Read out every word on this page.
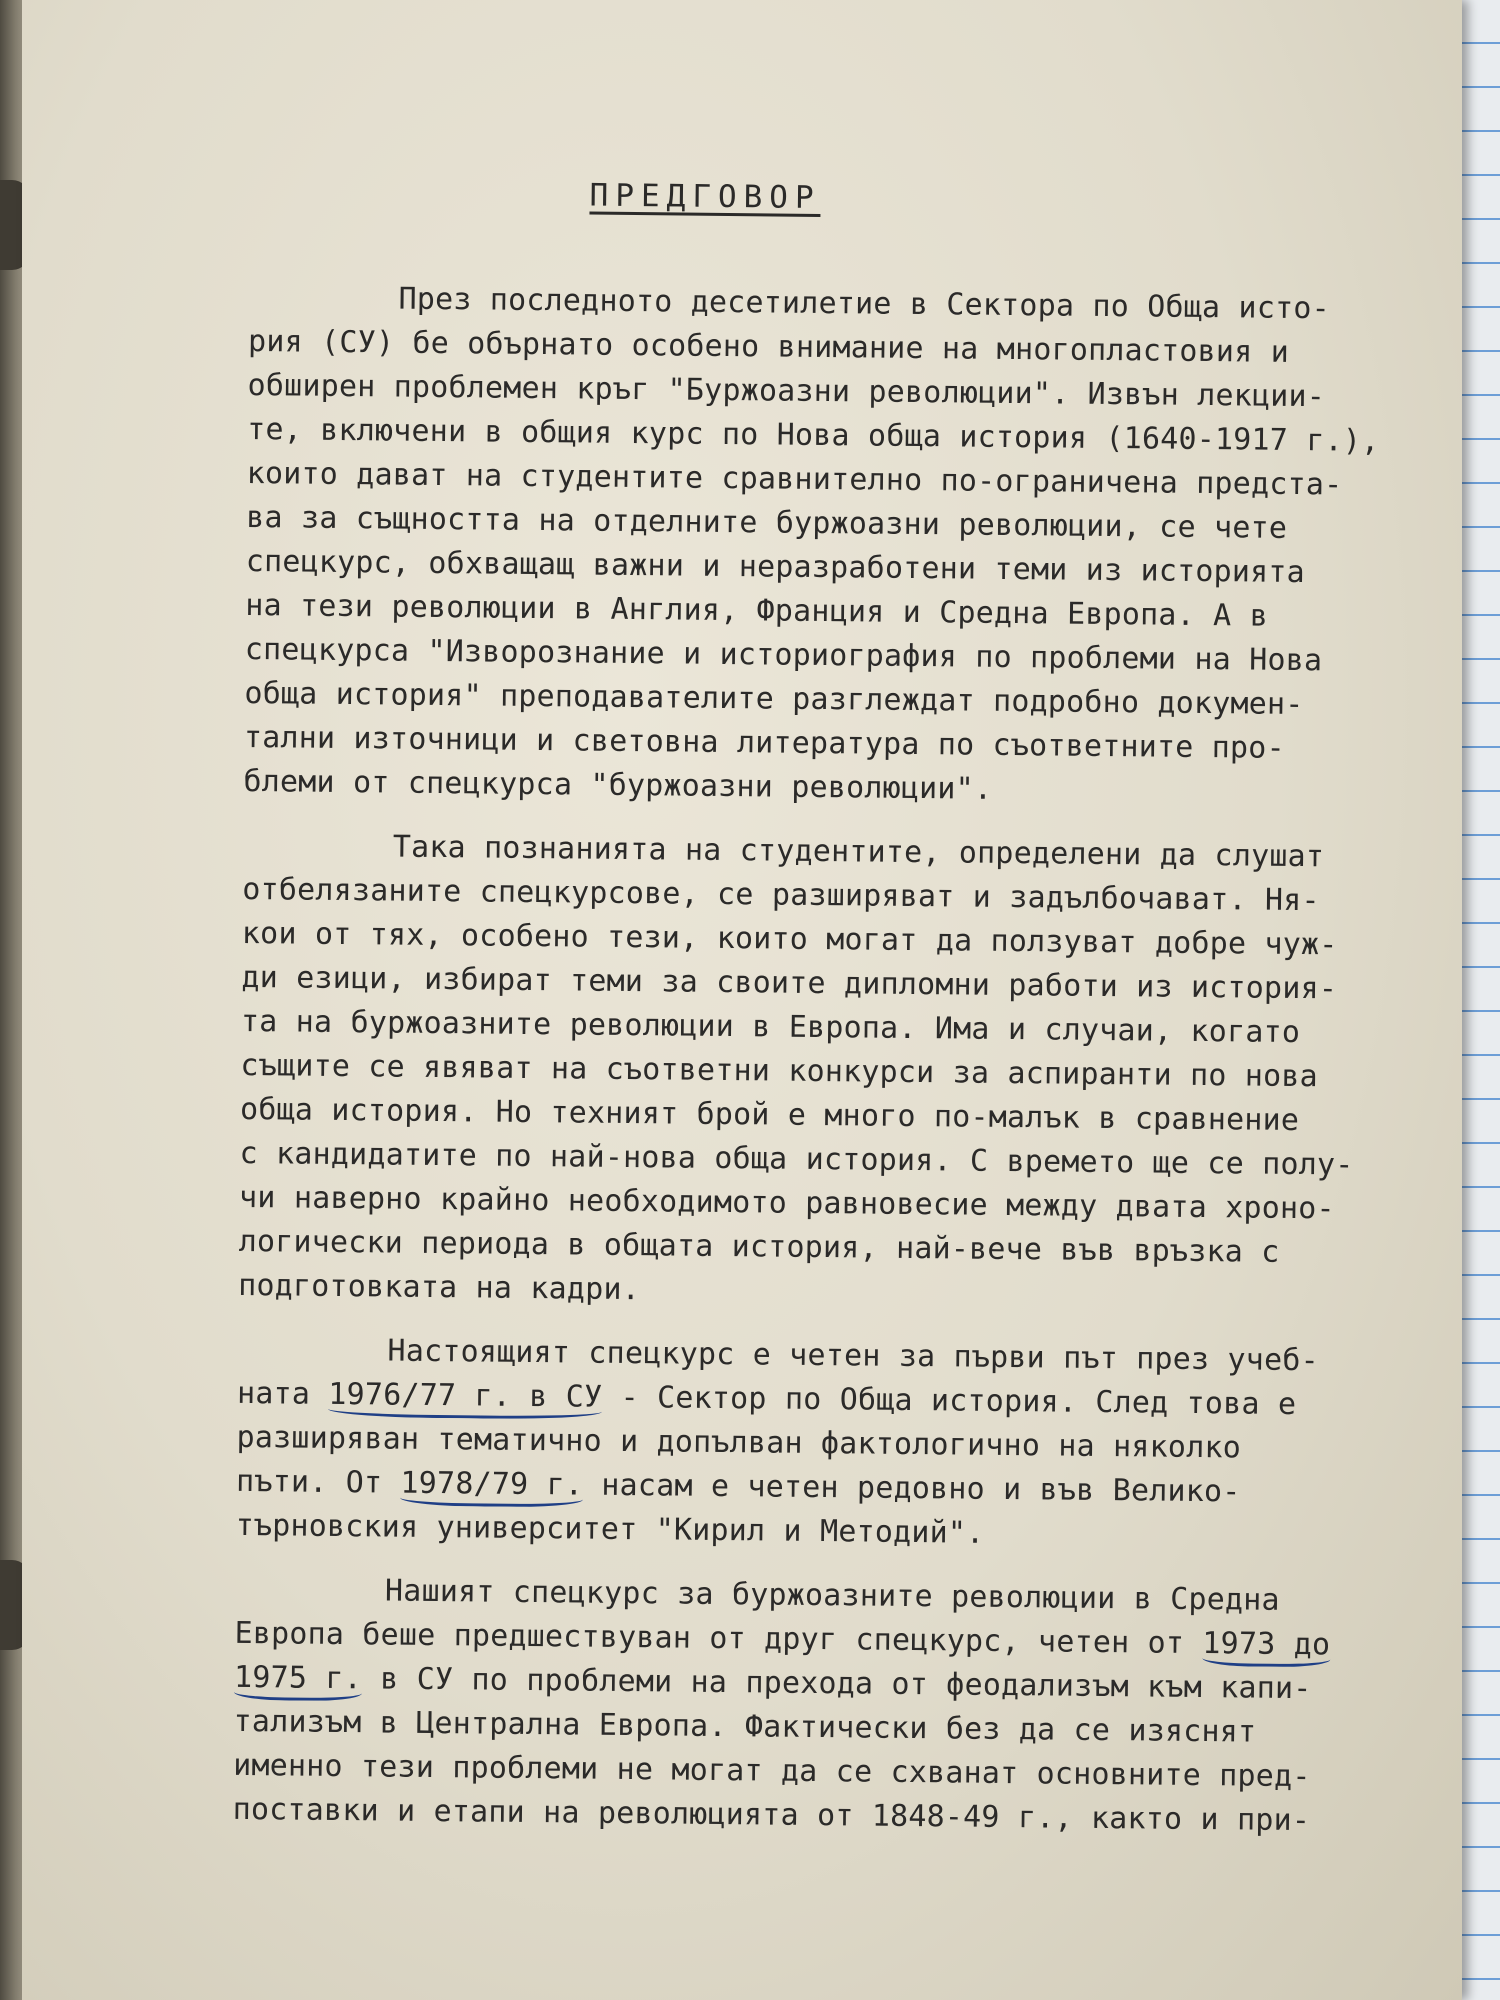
ПРЕДГОВОР
През последното десетилетие в Сектора по Обща исто-
рия (СУ) бе обърнато особено внимание на многопластовия и
обширен проблемен кръг "Буржоазни революции". Извън лекции-
те, включени в общия курс по Нова обща история (1640-1917 г.),
които дават на студентите сравнително по-ограничена предста-
ва за същността на отделните буржоазни революции, се чете
спецкурс, обхващащ важни и неразработени теми из историята
на тези революции в Англия, Франция и Средна Европа. А в
спецкурса "Изворознание и историография по проблеми на Нова
обща история" преподавателите разглеждат подробно докумен-
тални източници и световна литература по съответните про-
блеми от спецкурса "буржоазни революции".
Така познанията на студентите, определени да слушат
отбелязаните спецкурсове, се разширяват и задълбочават. Ня-
кои от тях, особено тези, които могат да ползуват добре чуж-
ди езици, избират теми за своите дипломни работи из история-
та на буржоазните революции в Европа. Има и случаи, когато
същите се явяват на съответни конкурси за аспиранти по нова
обща история. Но техният брой е много по-малък в сравнение
с кандидатите по най-нова обща история. С времето ще се полу-
чи наверно крайно необходимото равновесие между двата хроно-
логически периода в общата история, най-вече във връзка с
подготовката на кадри.
Настоящият спецкурс е четен за първи път през учеб-
ната 1976/77 г. в СУ - Сектор по Обща история. След това е
разширяван тематично и допълван фактологично на няколко
пъти. От 1978/79 г. насам е четен редовно и във Велико-
търновския университет "Кирил и Методий".
Нашият спецкурс за буржоазните революции в Средна
Европа беше предшествуван от друг спецкурс, четен от 1973 до
1975 г. в СУ по проблеми на прехода от феодализъм към капи-
тализъм в Централна Европа. Фактически без да се изяснят
именно тези проблеми не могат да се схванат основните пред-
поставки и етапи на революцията от 1848-49 г., както и при-
